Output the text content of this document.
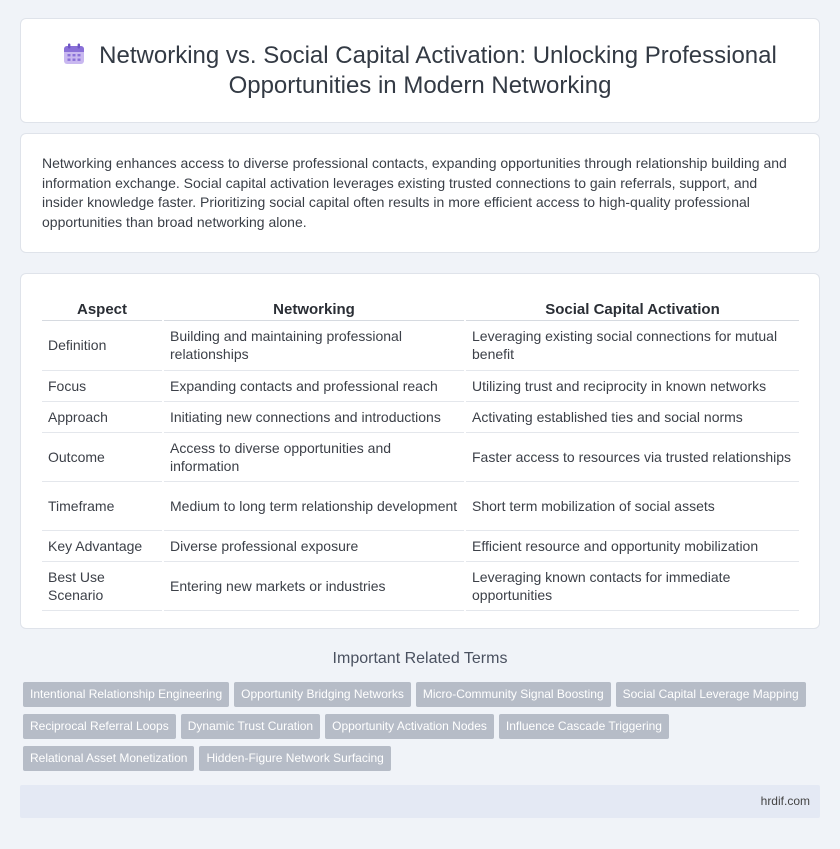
Networking vs. Social Capital Activation: Unlocking Professional
Opportunities in Modern Networking

Networking enhances access to diverse professional contacts, expanding opportunities through relationship building and information exchange. Social capital activation leverages existing trusted connections to gain referrals, support, and insider knowledge faster. Prioritizing social capital often results in more efficient access to high-quality professional opportunities than broad networking alone.

Aspect	Networking	Social Capital Activation
Definition	Building and maintaining professional relationships	Leveraging existing social connections for mutual benefit
Focus	Expanding contacts and professional reach	Utilizing trust and reciprocity in known networks
Approach	Initiating new connections and introductions	Activating established ties and social norms
Outcome	Access to diverse opportunities and information	Faster access to resources via trusted relationships
Timeframe	Medium to long term relationship development	Short term mobilization of social assets
Key Advantage	Diverse professional exposure	Efficient resource and opportunity mobilization
Best Use Scenario	Entering new markets or industries	Leveraging known contacts for immediate opportunities
Important Related Terms
Intentional Relationship Engineering Opportunity Bridging Networks Micro-Community Signal Boosting Social Capital Leverage Mapping
Reciprocal Referral Loops Dynamic Trust Curation Opportunity Activation Nodes Influence Cascade Triggering
Relational Asset Monetization Hidden-Figure Network Surfacing
hrdif.com
